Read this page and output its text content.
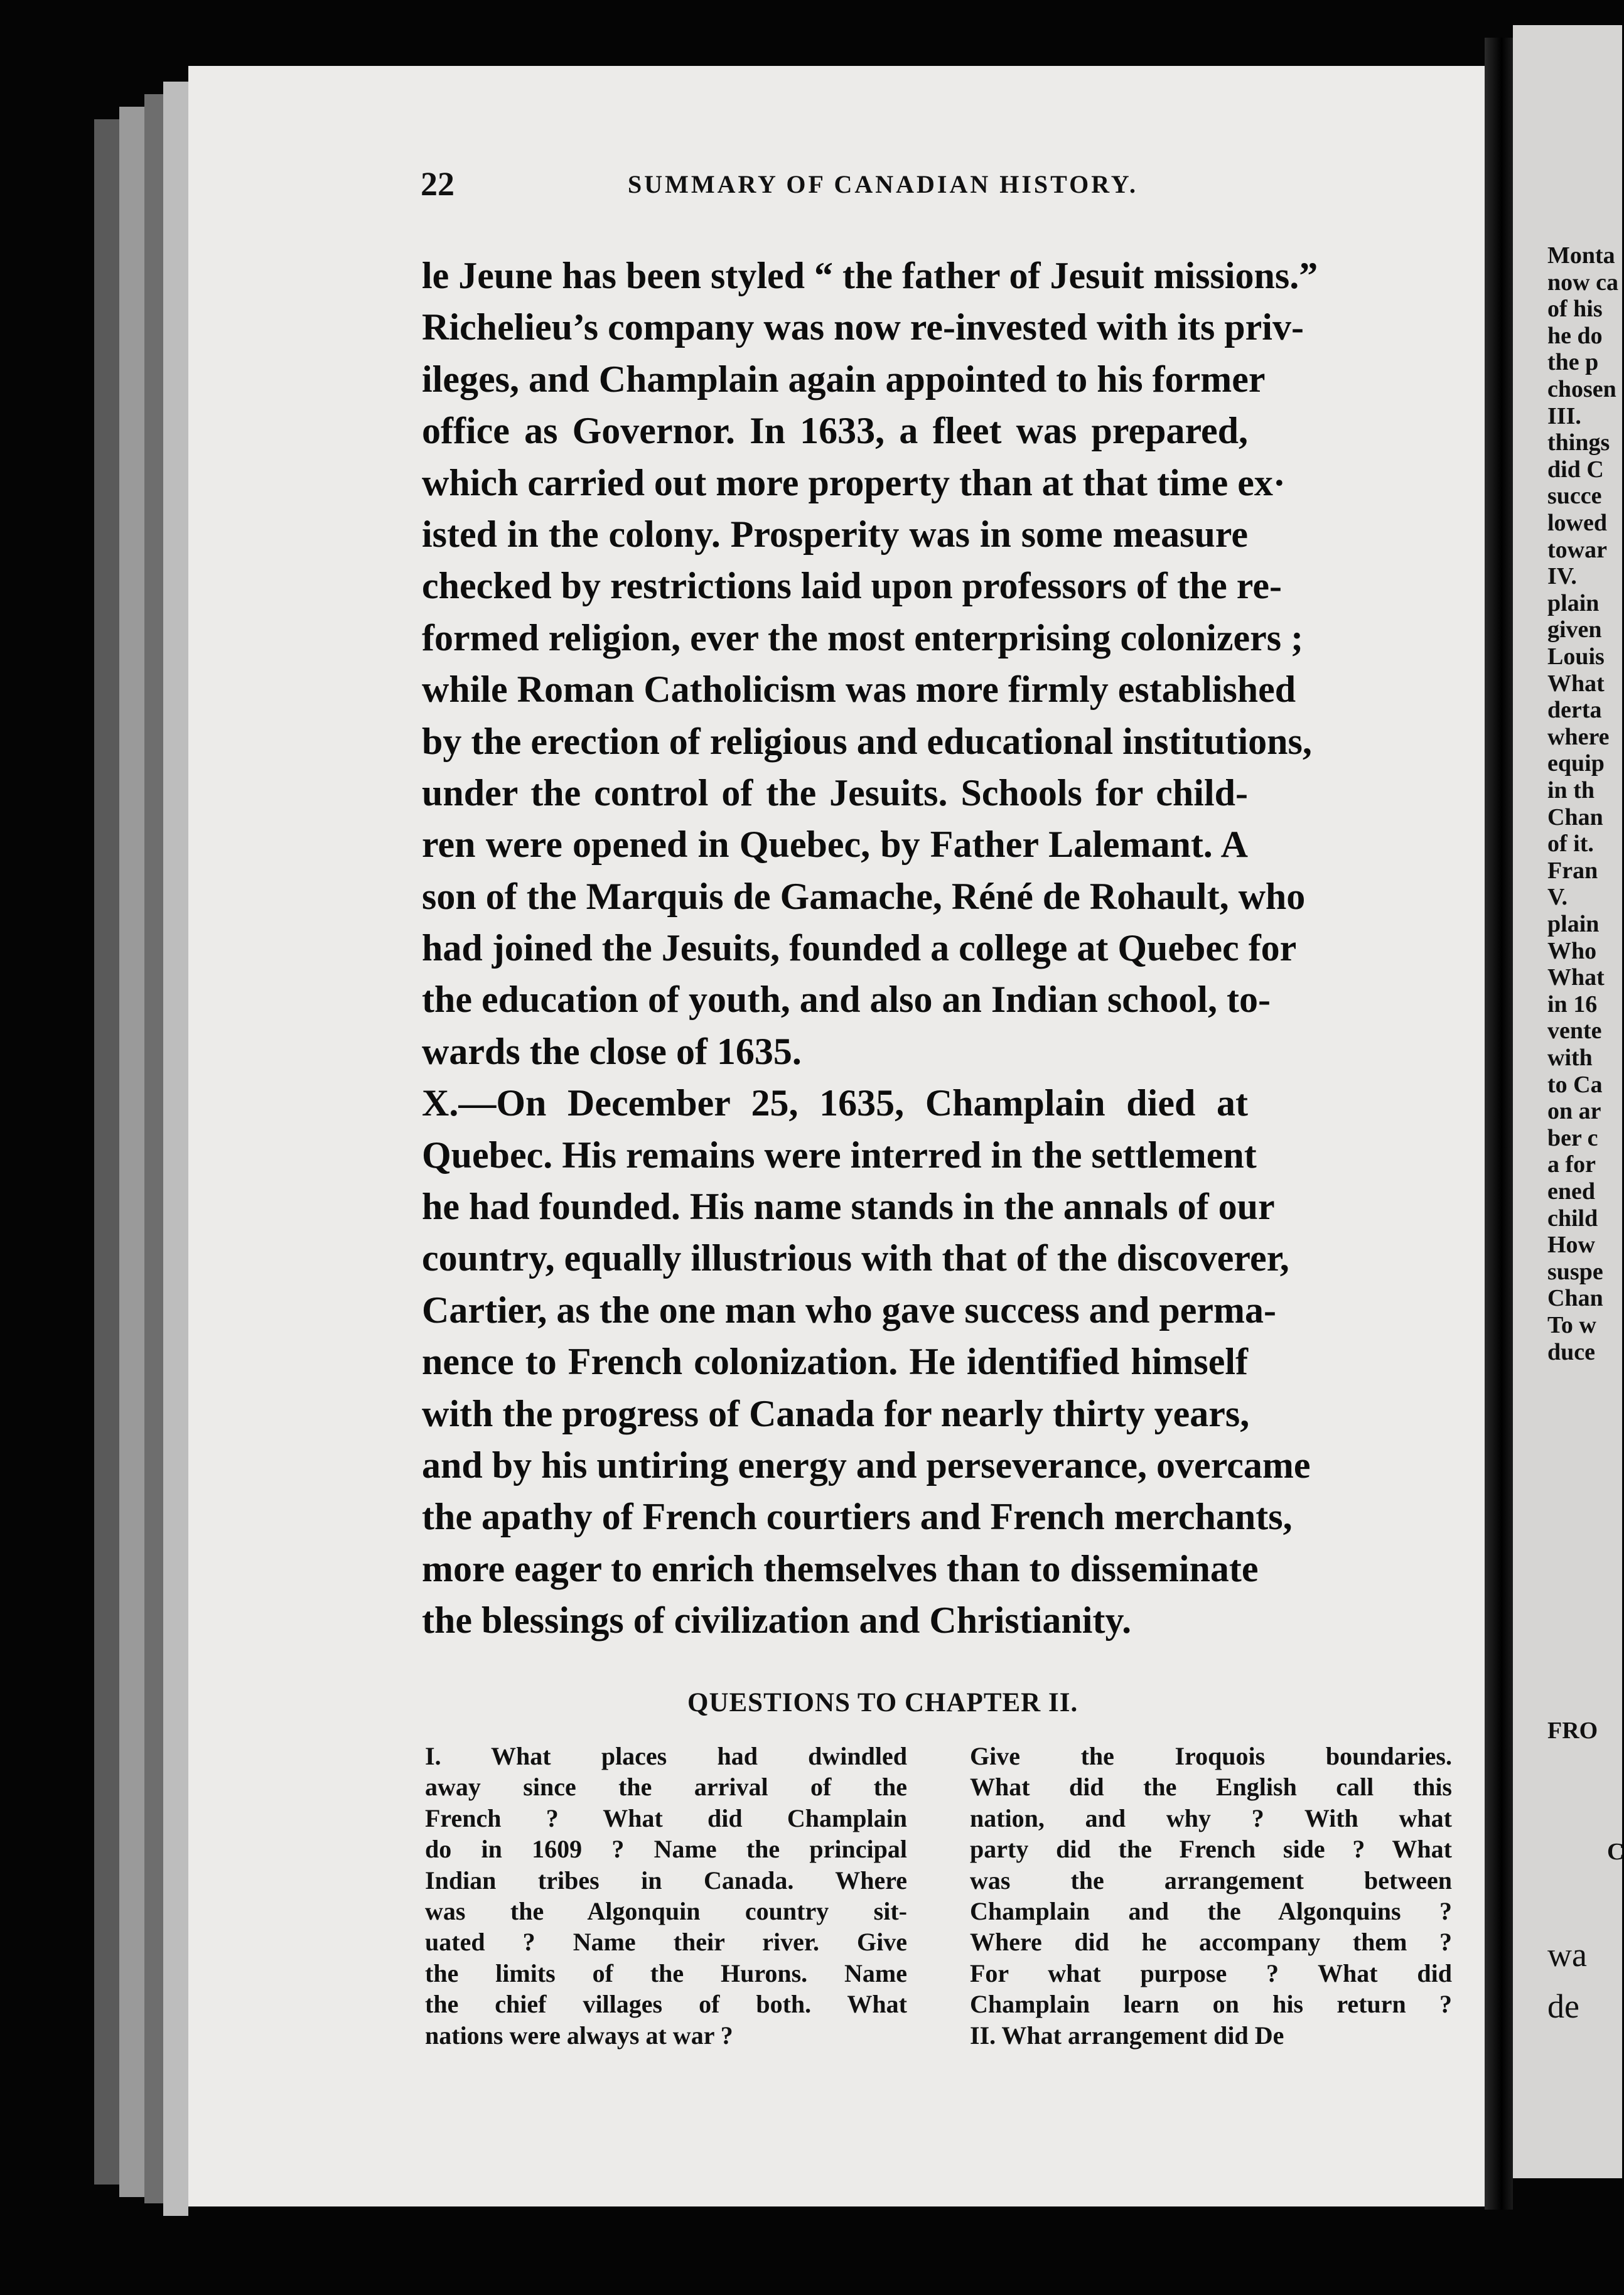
Monta
now ca
of his
he do
the p
chosen
III.
things
did C
succe
lowed
towar
IV.
plain
given
Louis
What
derta
where
equip
in th
Chan
of it.
Fran
V.
plain
Who
What
in 16
vente
with
to Ca
on ar
ber c
a for
ened
child
How
suspe
Chan
To w
duce
FRO
C
wa
de
22	SUMMARY OF CANADIAN HISTORY.
le Jeune has been styled “ the father of Jesuit missions.”
Richelieu’s company was now re-invested with its priv-
ileges, and Champlain again appointed to his former
office as Governor. In 1633, a fleet was prepared,
which carried out more property than at that time ex·
isted in the colony. Prosperity was in some measure
checked by restrictions laid upon professors of the re-
formed religion, ever the most enterprising colonizers ;
while Roman Catholicism was more firmly established
by the erection of religious and educational institutions,
under the control of the Jesuits. Schools for child-
ren were opened in Quebec, by Father Lalemant. A
son of the Marquis de Gamache, Réné de Rohault, who
had joined the Jesuits, founded a college at Quebec for
the education of youth, and also an Indian school, to-
wards the close of 1635.
X.—On December 25, 1635, Champlain died at
Quebec. His remains were interred in the settlement
he had founded. His name stands in the annals of our
country, equally illustrious with that of the discoverer,
Cartier, as the one man who gave success and perma-
nence to French colonization. He identified himself
with the progress of Canada for nearly thirty years,
and by his untiring energy and perseverance, overcame
the apathy of French courtiers and French merchants,
more eager to enrich themselves than to disseminate
the blessings of civilization and Christianity.
QUESTIONS TO CHAPTER II.
I. What places had dwindled
away since the arrival of the
French ? What did Champlain
do in 1609 ? Name the principal
Indian tribes in Canada. Where
was the Algonquin country sit-
uated ? Name their river. Give
the limits of the Hurons. Name
the chief villages of both. What
nations were always at war ?
Give the Iroquois boundaries.
What did the English call this
nation, and why ? With what
party did the French side ? What
was the arrangement between
Champlain and the Algonquins ?
Where did he accompany them ?
For what purpose ? What did
Champlain learn on his return ?
II. What arrangement did De
